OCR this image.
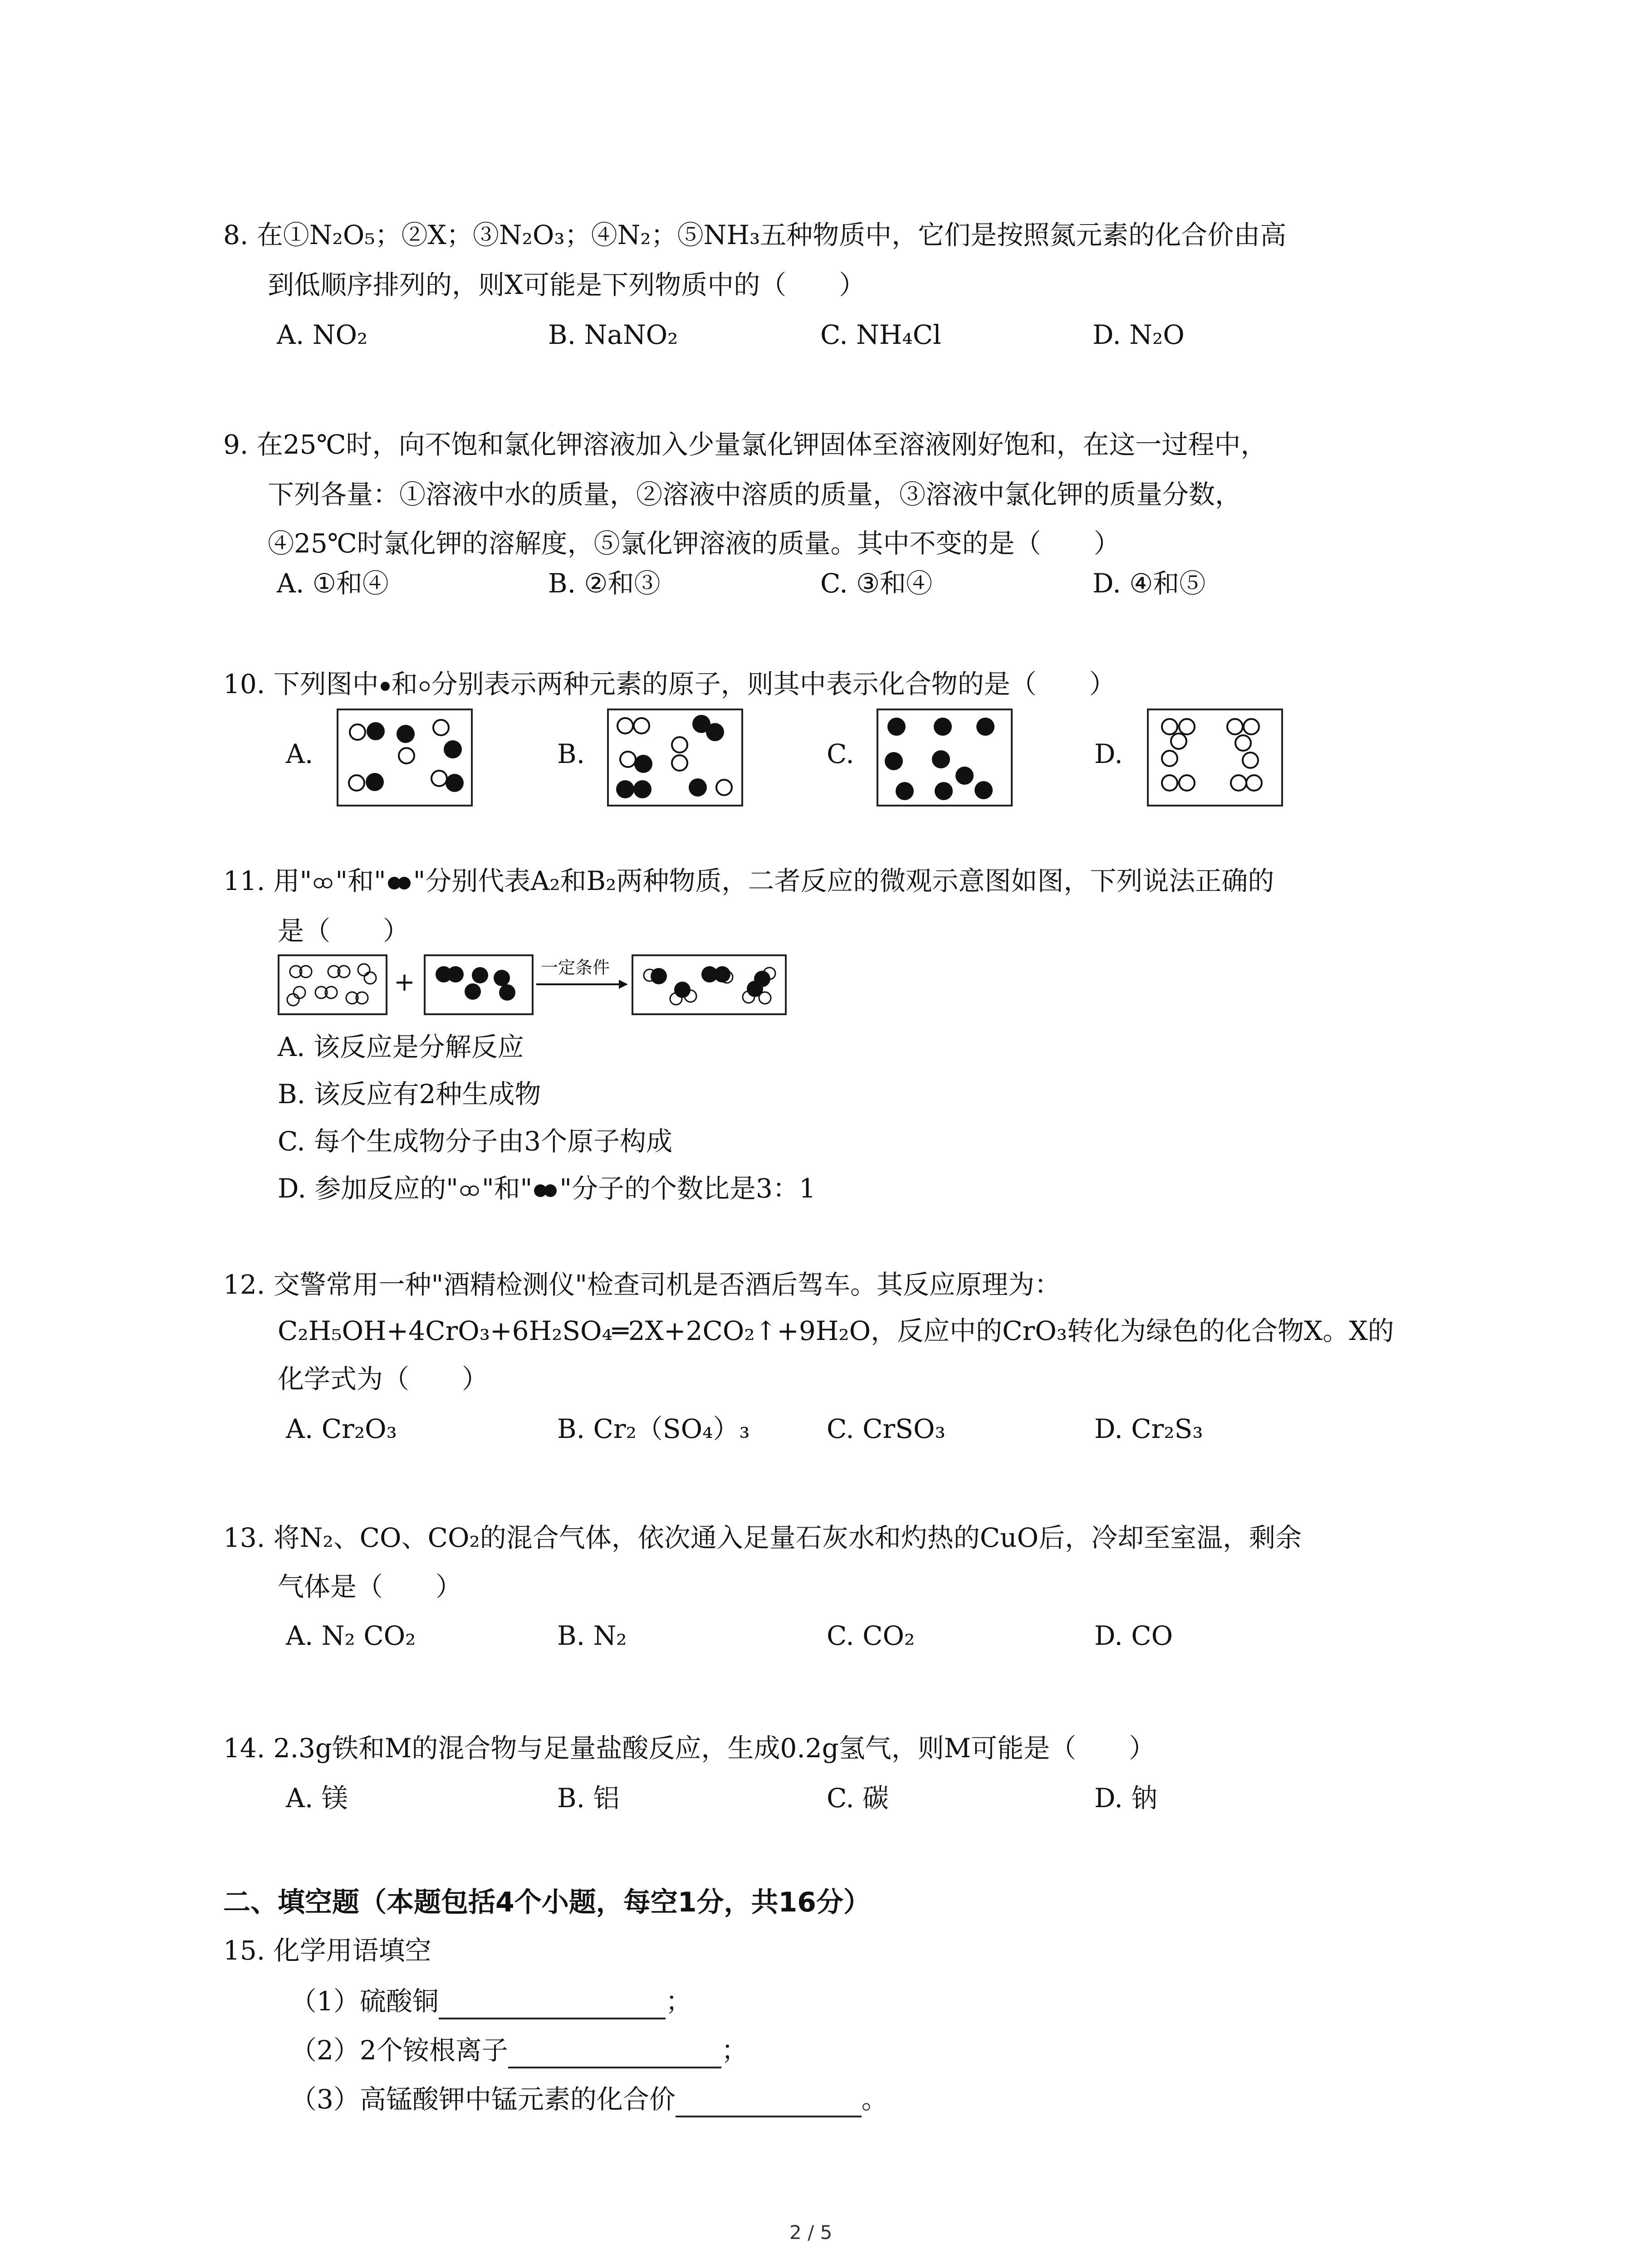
8. 在①N₂O₅；②X；③N₂O₃；④N₂；⑤NH₃五种物质中，它们是按照氮元素的化合价由高
到低顺序排列的，则X可能是下列物质中的（　　）
A. NO₂	B. NaNO₂	C. NH₄Cl	D. N₂O
9. 在25℃时，向不饱和氯化钾溶液加入少量氯化钾固体至溶液刚好饱和，在这一过程中，
下列各量：①溶液中水的质量，②溶液中溶质的质量，③溶液中氯化钾的质量分数，
④25℃时氯化钾的溶解度，⑤氯化钾溶液的质量。其中不变的是（　　）
A. ①和④	B. ②和③	C. ③和④	D. ④和⑤
10. 下列图中 和 分别表示两种元素的原子，则其中表示化合物的是（　　）
A.	B.	C.	D.
11. 用" "和" "分别代表A₂和B₂两种物质，二者反应的微观示意图如图，下列说法正确的
是（　　）
+	一定条件
A. 该反应是分解反应
B. 该反应有2种生成物
C. 每个生成物分子由3个原子构成
D. 参加反应的" "和" "分子的个数比是3：1
12. 交警常用一种"酒精检测仪"检查司机是否酒后驾车。其反应原理为：
C₂H₅OH+4CrO₃+6H₂SO₄═2X+2CO₂↑+9H₂O，反应中的CrO₃转化为绿色的化合物X。X的
化学式为（　　）
A. Cr₂O₃	B. Cr₂（SO₄）₃	C. CrSO₃	D. Cr₂S₃
13. 将N₂、CO、CO₂的混合气体，依次通入足量石灰水和灼热的CuO后，冷却至室温，剩余
气体是（　　）
A. N₂ CO₂	B. N₂	C. CO₂	D. CO
14. 2.3g铁和M的混合物与足量盐酸反应，生成0.2g氢气，则M可能是（　　）
A. 镁	B. 铝	C. 碳	D. 钠
二、填空题（本题包括4个小题，每空1分，共16分）
15. 化学用语填空
（1）硫酸铜	；
（2）2个铵根离子	；
（3）高锰酸钾中锰元素的化合价	。
2 / 5
